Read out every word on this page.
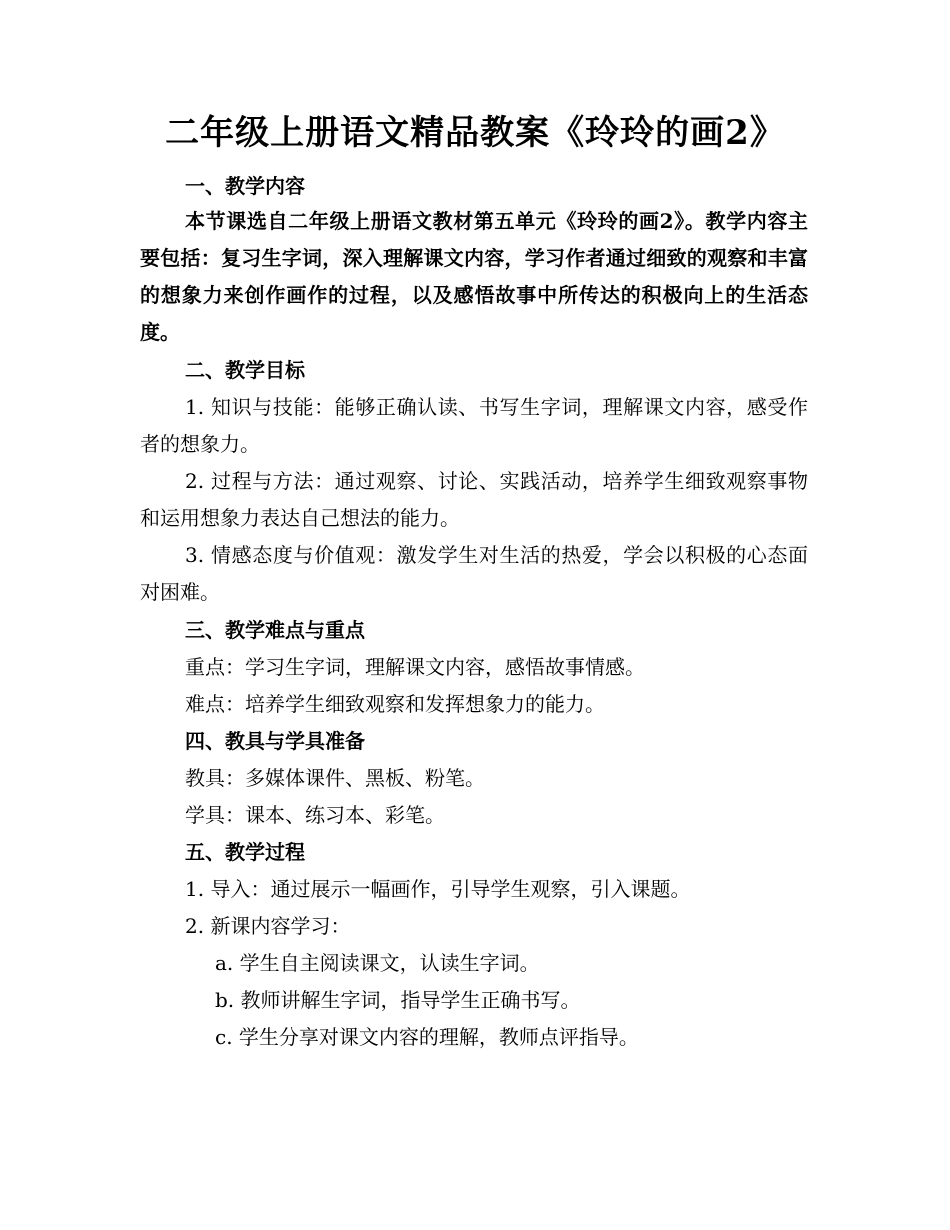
二年级上册语文精品教案《玲玲的画2》
一、教学内容

本节课选自二年级上册语文教材第五单元《玲玲的画2》。教学内容主要包括：复习生字词，深入理解课文内容，学习作者通过细致的观察和丰富的想象力来创作画作的过程，以及感悟故事中所传达的积极向上的生活态度。

二、教学目标

1. 知识与技能：能够正确认读、书写生字词，理解课文内容，感受作者的想象力。

2. 过程与方法：通过观察、讨论、实践活动，培养学生细致观察事物和运用想象力表达自己想法的能力。

3. 情感态度与价值观：激发学生对生活的热爱，学会以积极的心态面对困难。

三、教学难点与重点
重点：学习生字词，理解课文内容，感悟故事情感。
难点：培养学生细致观察和发挥想象力的能力。
四、教具与学具准备
教具：多媒体课件、黑板、粉笔。
学具：课本、练习本、彩笔。
五、教学过程
1. 导入：通过展示一幅画作，引导学生观察，引入课题。
2. 新课内容学习：
a. 学生自主阅读课文，认读生字词。
b. 教师讲解生字词，指导学生正确书写。
c. 学生分享对课文内容的理解，教师点评指导。
